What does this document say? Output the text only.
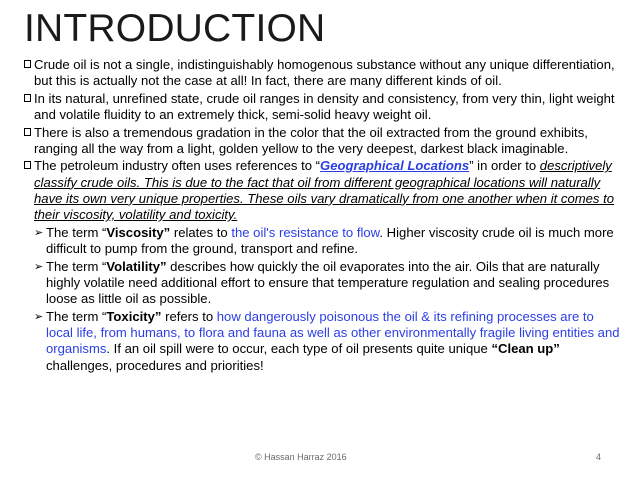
INTRODUCTION

Crude oil is not a single, indistinguishably homogenous substance without any unique differentiation, but this is actually not the case at all! In fact, there are many different kinds of oil.

In its natural, unrefined state, crude oil ranges in density and consistency, from very thin, light weight and volatile fluidity to an extremely thick, semi-solid heavy weight oil.

There is also a tremendous gradation in the color that the oil extracted from the ground exhibits, ranging all the way from a light, golden yellow to the very deepest, darkest black imaginable.

The petroleum industry often uses references to “Geographical Locations” in order to descriptively classify crude oils. This is due to the fact that oil from different geographical locations will naturally have its own very unique properties. These oils vary dramatically from one another when it comes to their viscosity, volatility and toxicity.

➢ The term “Viscosity” relates to the oil's resistance to flow. Higher viscosity crude oil is much more difficult to pump from the ground, transport and refine.
➢ The term “Volatility” describes how quickly the oil evaporates into the air. Oils that are naturally highly volatile need additional effort to ensure that temperature regulation and sealing procedures loose as little oil as possible.
➢ The term “Toxicity” refers to how dangerously poisonous the oil & its refining processes are to local life, from humans, to flora and fauna as well as other environmentally fragile living entities and organisms. If an oil spill were to occur, each type of oil presents quite unique “Clean up” challenges, procedures and priorities!
© Hassan Harraz 2016	4
